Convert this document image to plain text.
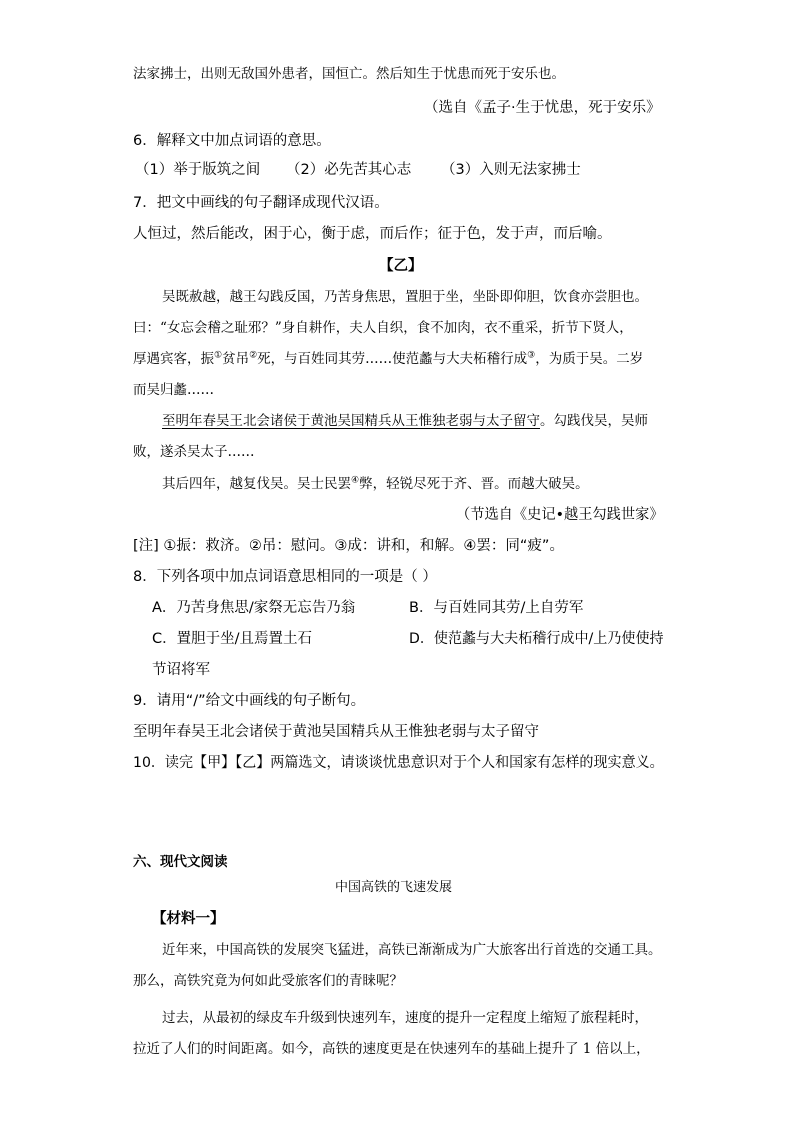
法家拂士，出则无敌国外患者，国恒亡。然后知生于忧患而死于安乐也。
（选自《孟子·生于忧患，死于安乐》
6．解释文中加点词语的意思。
（1）举于版筑之间 （2）必先苦其心志 （3）入则无法家拂士
7．把文中画线的句子翻译成现代汉语。
人恒过，然后能改，困于心，衡于虑，而后作；征于色，发于声，而后喻。
【乙】
吴既赦越，越王勾践反国，乃苦身焦思，置胆于坐，坐卧即仰胆，饮食亦尝胆也。
曰：“女忘会稽之耻邪？”身自耕作，夫人自织，食不加肉，衣不重采，折节下贤人，
厚遇宾客，振①贫吊②死，与百姓同其劳……使范蠡与大夫柘稽行成③，为质于吴。二岁
而吴归蠡……
至明年春吴王北会诸侯于黄池吴国精兵从王惟独老弱与太子留守。勾践伐吴，吴师
败，遂杀吴太子……
其后四年，越复伐吴。吴士民罢④弊，轻锐尽死于齐、晋。而越大破吴。
（节选自《史记•越王勾践世家》
[注] ①振：救济。②吊：慰问。③成：讲和，和解。④罢：同“疲”。
8．下列各项中加点词语意思相同的一项是（ ）
A．乃苦身焦思/家祭无忘告乃翁	B．与百姓同其劳/上自劳军
C．置胆于坐/且焉置土石	D．使范蠡与大夫柘稽行成中/上乃使使持
节诏将军
9．请用“/”给文中画线的句子断句。
至明年春吴王北会诸侯于黄池吴国精兵从王惟独老弱与太子留守
10．读完【甲】【乙】两篇选文，请谈谈忧患意识对于个人和国家有怎样的现实意义。
六、现代文阅读
中国高铁的飞速发展
【材料一】
近年来，中国高铁的发展突飞猛进，高铁已渐渐成为广大旅客出行首选的交通工具。
那么，高铁究竟为何如此受旅客们的青睐呢？
过去，从最初的绿皮车升级到快速列车，速度的提升一定程度上缩短了旅程耗时，
拉近了人们的时间距离。如今，高铁的速度更是在快速列车的基础上提升了 1 倍以上，
